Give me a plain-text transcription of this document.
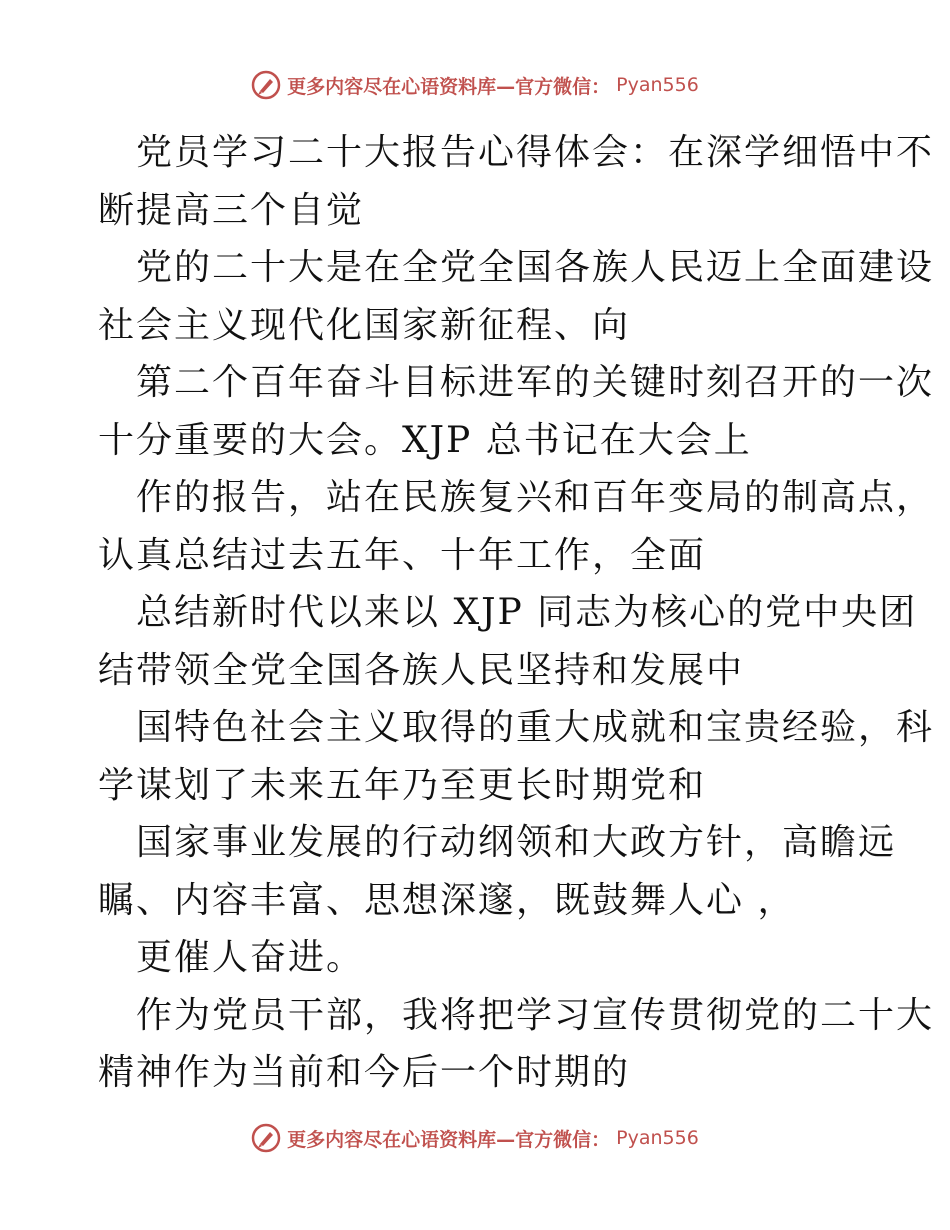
更多内容尽在心语资料库—官方微信： Pyan556
党员学习二十大报告心得体会：在深学细悟中不
断提高三个自觉
党的二十大是在全党全国各族人民迈上全面建设
社会主义现代化国家新征程、向
第二个百年奋斗目标进军的关键时刻召开的一次
十分重要的大会。XJP 总书记在大会上
作的报告，站在民族复兴和百年变局的制高点，
认真总结过去五年、十年工作，全面
总结新时代以来以 XJP 同志为核心的党中央团
结带领全党全国各族人民坚持和发展中
国特色社会主义取得的重大成就和宝贵经验，科
学谋划了未来五年乃至更长时期党和
国家事业发展的行动纲领和大政方针，高瞻远
瞩、内容丰富、思想深邃，既鼓舞人心 ，
更催人奋进。
作为党员干部，我将把学习宣传贯彻党的二十大
精神作为当前和今后一个时期的
更多内容尽在心语资料库—官方微信： Pyan556
